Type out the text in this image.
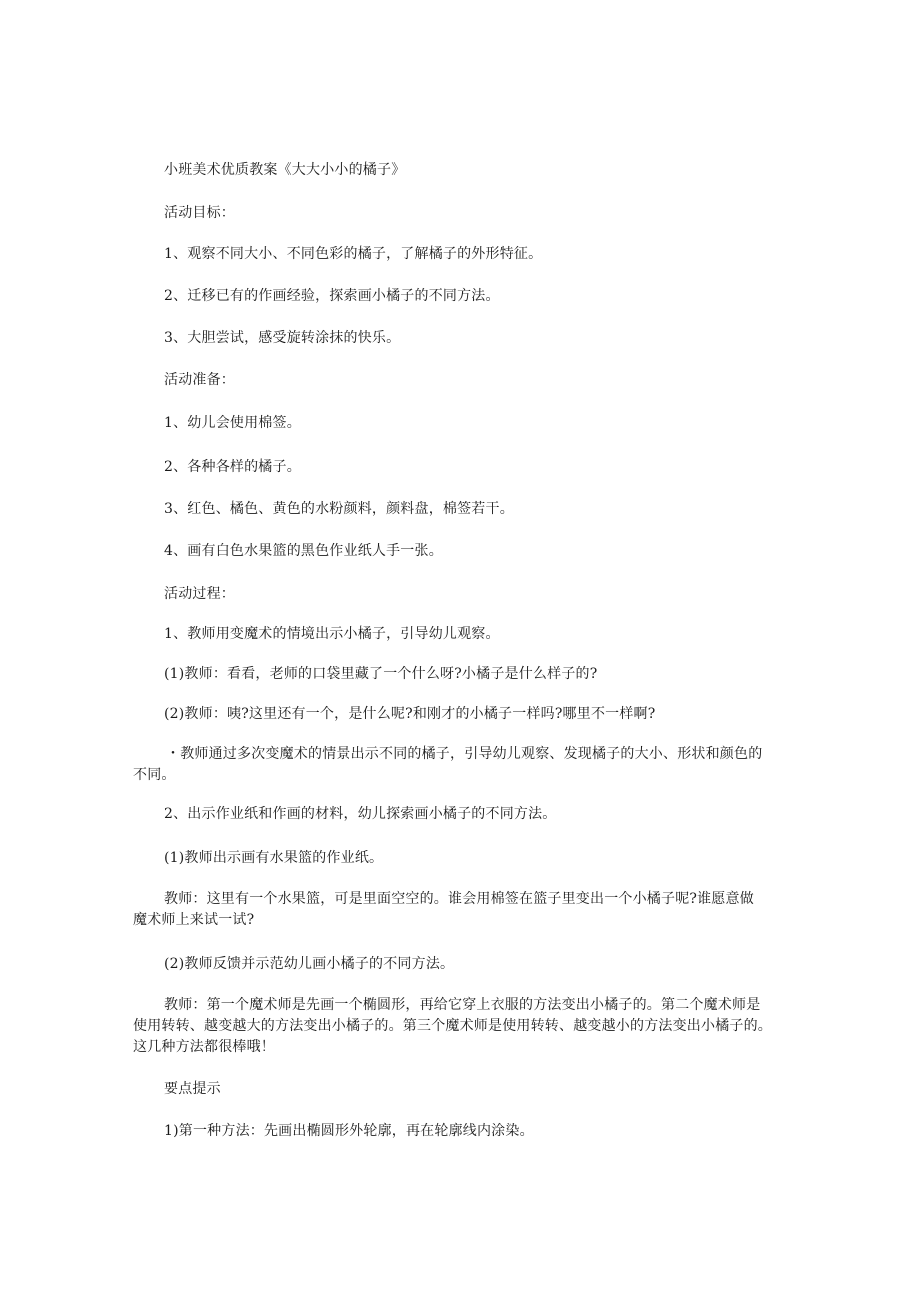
小班美术优质教案《大大小小的橘子》
活动目标：
1、观察不同大小、不同色彩的橘子，了解橘子的外形特征。
2、迁移已有的作画经验，探索画小橘子的不同方法。
3、大胆尝试，感受旋转涂抹的快乐。
活动准备：
1、幼儿会使用棉签。
2、各种各样的橘子。
3、红色、橘色、黄色的水粉颜料，颜料盘，棉签若干。
4、画有白色水果篮的黑色作业纸人手一张。
活动过程：
1、教师用变魔术的情境出示小橘子，引导幼儿观察。
(1)教师：看看，老师的口袋里藏了一个什么呀?小橘子是什么样子的?
(2)教师：咦?这里还有一个，是什么呢?和刚才的小橘子一样吗?哪里不一样啊?
・教师通过多次变魔术的情景出示不同的橘子，引导幼儿观察、发现橘子的大小、形状和颜色的
不同。
2、出示作业纸和作画的材料，幼儿探索画小橘子的不同方法。
(1)教师出示画有水果篮的作业纸。
教师：这里有一个水果篮，可是里面空空的。谁会用棉签在篮子里变出一个小橘子呢?谁愿意做
魔术师上来试一试?
(2)教师反馈并示范幼儿画小橘子的不同方法。
教师：第一个魔术师是先画一个椭圆形，再给它穿上衣服的方法变出小橘子的。第二个魔术师是
使用转转、越变越大的方法变出小橘子的。第三个魔术师是使用转转、越变越小的方法变出小橘子的。
这几种方法都很棒哦！
要点提示
1)第一种方法：先画出椭圆形外轮廓，再在轮廓线内涂染。
